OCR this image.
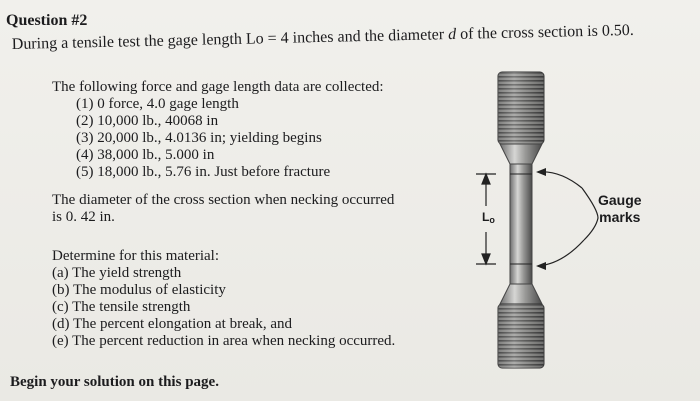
Question #2
During a tensile test the gage length Lo = 4 inches and the diameter d of the cross section is 0.50.
The following force and gage length data are collected:
(1) 0 force, 4.0 gage length
(2) 10,000 lb., 40068 in
(3) 20,000 lb., 4.0136 in; yielding begins
(4) 38,000 lb., 5.000 in
(5) 18,000 lb., 5.76 in. Just before fracture
The diameter of the cross section when necking occurred
is 0. 42 in.
Determine for this material:
(a) The yield strength
(b) The modulus of elasticity
(c) The tensile strength
(d) The percent elongation at break, and
(e) The percent reduction in area when necking occurred.
Begin your solution on this page.
Lo
Gauge
marks
